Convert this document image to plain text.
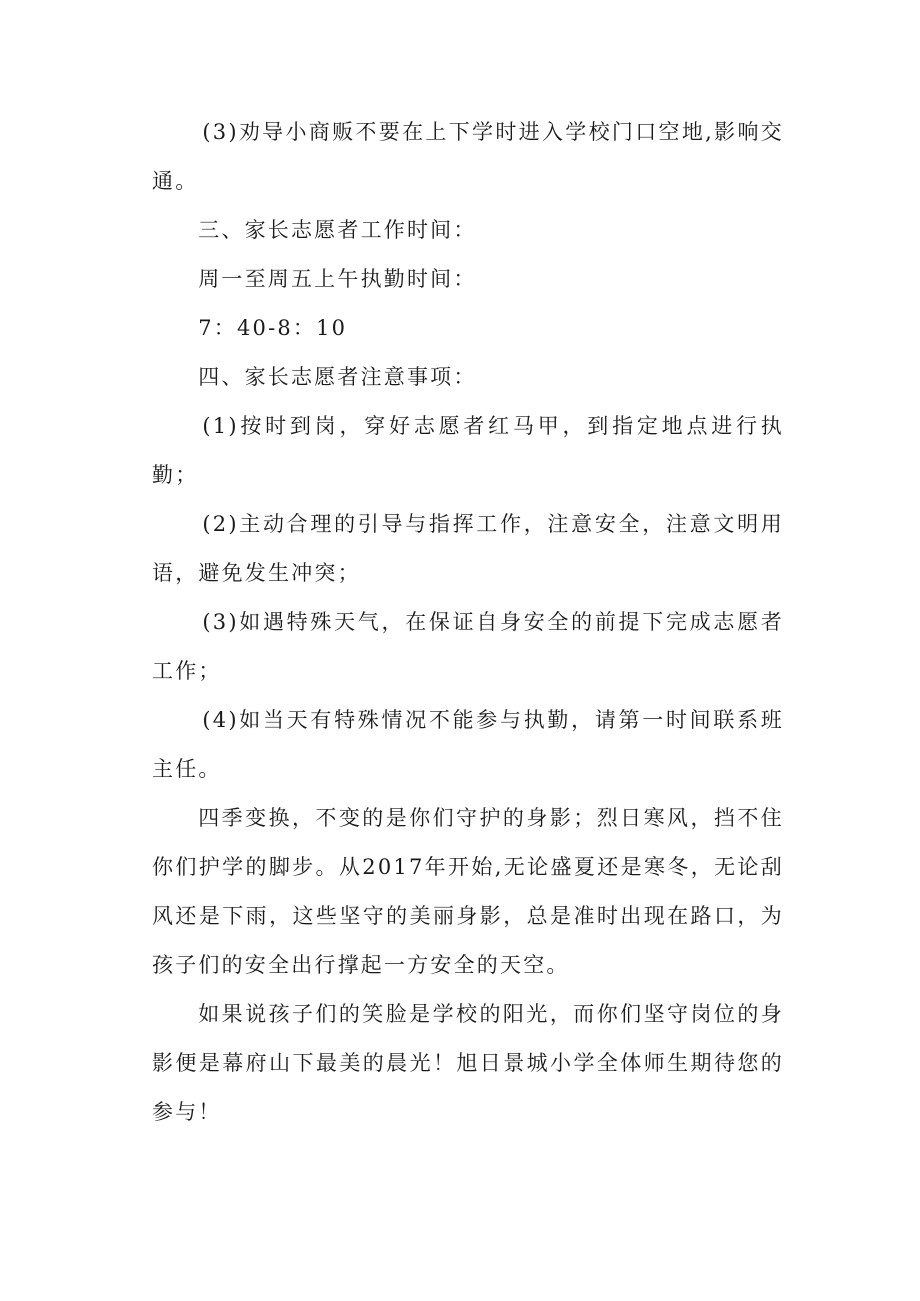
(3)劝导小商贩不要在上下学时进入学校门口空地,影响交通。

三、家长志愿者工作时间：

周一至周五上午执勤时间：

7：40-8：10

四、家长志愿者注意事项：

(1)按时到岗，穿好志愿者红马甲，到指定地点进行执勤；

(2)主动合理的引导与指挥工作，注意安全，注意文明用语，避免发生冲突；

(3)如遇特殊天气，在保证自身安全的前提下完成志愿者工作；

(4)如当天有特殊情况不能参与执勤，请第一时间联系班主任。

四季变换，不变的是你们守护的身影；烈日寒风，挡不住你们护学的脚步。从2017年开始,无论盛夏还是寒冬，无论刮风还是下雨，这些坚守的美丽身影，总是准时出现在路口，为孩子们的安全出行撑起一方安全的天空。

如果说孩子们的笑脸是学校的阳光，而你们坚守岗位的身影便是幕府山下最美的晨光！旭日景城小学全体师生期待您的参与！
